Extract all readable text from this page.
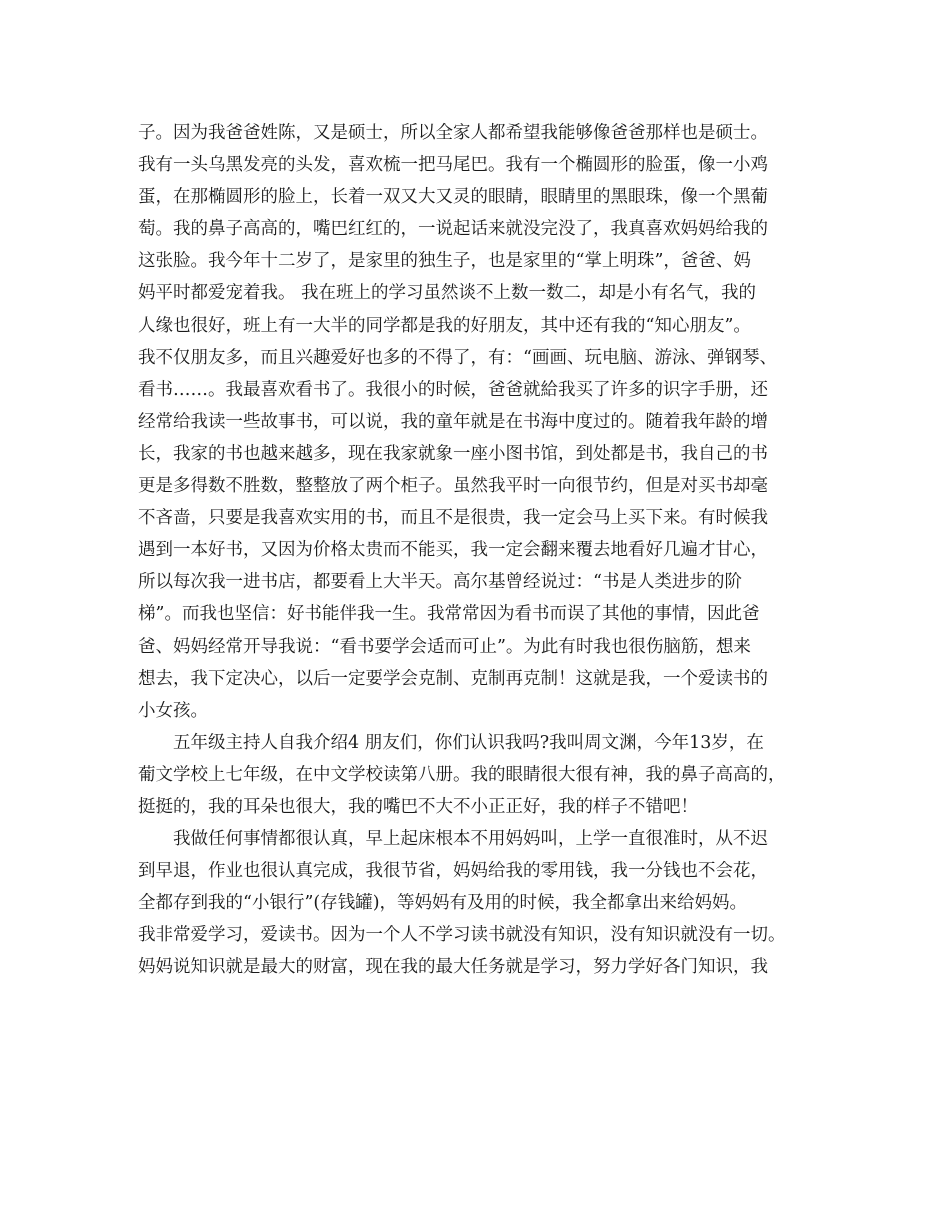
子。因为我爸爸姓陈，又是硕士，所以全家人都希望我能够像爸爸那样也是硕士。
我有一头乌黑发亮的头发，喜欢梳一把马尾巴。我有一个椭圆形的脸蛋，像一小鸡
蛋，在那椭圆形的脸上，长着一双又大又灵的眼睛，眼睛里的黑眼珠，像一个黑葡
萄。我的鼻子高高的，嘴巴红红的，一说起话来就没完没了，我真喜欢妈妈给我的
这张脸。我今年十二岁了，是家里的独生子，也是家里的“掌上明珠”，爸爸、妈
妈平时都爱宠着我。 我在班上的学习虽然谈不上数一数二，却是小有名气，我的
人缘也很好，班上有一大半的同学都是我的好朋友，其中还有我的“知心朋友”。
我不仅朋友多，而且兴趣爱好也多的不得了，有：“画画、玩电脑、游泳、弹钢琴、
看书……。我最喜欢看书了。我很小的时候，爸爸就給我买了许多的识字手册，还
经常给我读一些故事书，可以说，我的童年就是在书海中度过的。随着我年龄的增
长，我家的书也越来越多，现在我家就象一座小图书馆，到处都是书，我自己的书
更是多得数不胜数，整整放了两个柜子。虽然我平时一向很节约，但是对买书却毫
不吝啬，只要是我喜欢实用的书，而且不是很贵，我一定会马上买下来。有时候我
遇到一本好书，又因为价格太贵而不能买，我一定会翻来覆去地看好几遍才甘心，
所以每次我一进书店，都要看上大半天。高尔基曾经说过：“书是人类进步的阶
梯”。而我也坚信：好书能伴我一生。我常常因为看书而误了其他的事情，因此爸
爸、妈妈经常开导我说：“看书要学会适而可止”。为此有时我也很伤脑筋，想来
想去，我下定决心，以后一定要学会克制、克制再克制！这就是我，一个爱读书的
小女孩。
五年级主持人自我介绍4 朋友们，你们认识我吗?我叫周文渊，今年13岁，在
葡文学校上七年级，在中文学校读第八册。我的眼睛很大很有神，我的鼻子高高的，
挺挺的，我的耳朵也很大，我的嘴巴不大不小正正好，我的样子不错吧！
我做任何事情都很认真，早上起床根本不用妈妈叫，上学一直很准时，从不迟
到早退，作业也很认真完成，我很节省，妈妈给我的零用钱，我一分钱也不会花，
全都存到我的“小银行”(存钱罐)，等妈妈有及用的时候，我全都拿出来给妈妈。
我非常爱学习，爱读书。因为一个人不学习读书就没有知识，没有知识就没有一切。
妈妈说知识就是最大的财富，现在我的最大任务就是学习，努力学好各门知识，我
